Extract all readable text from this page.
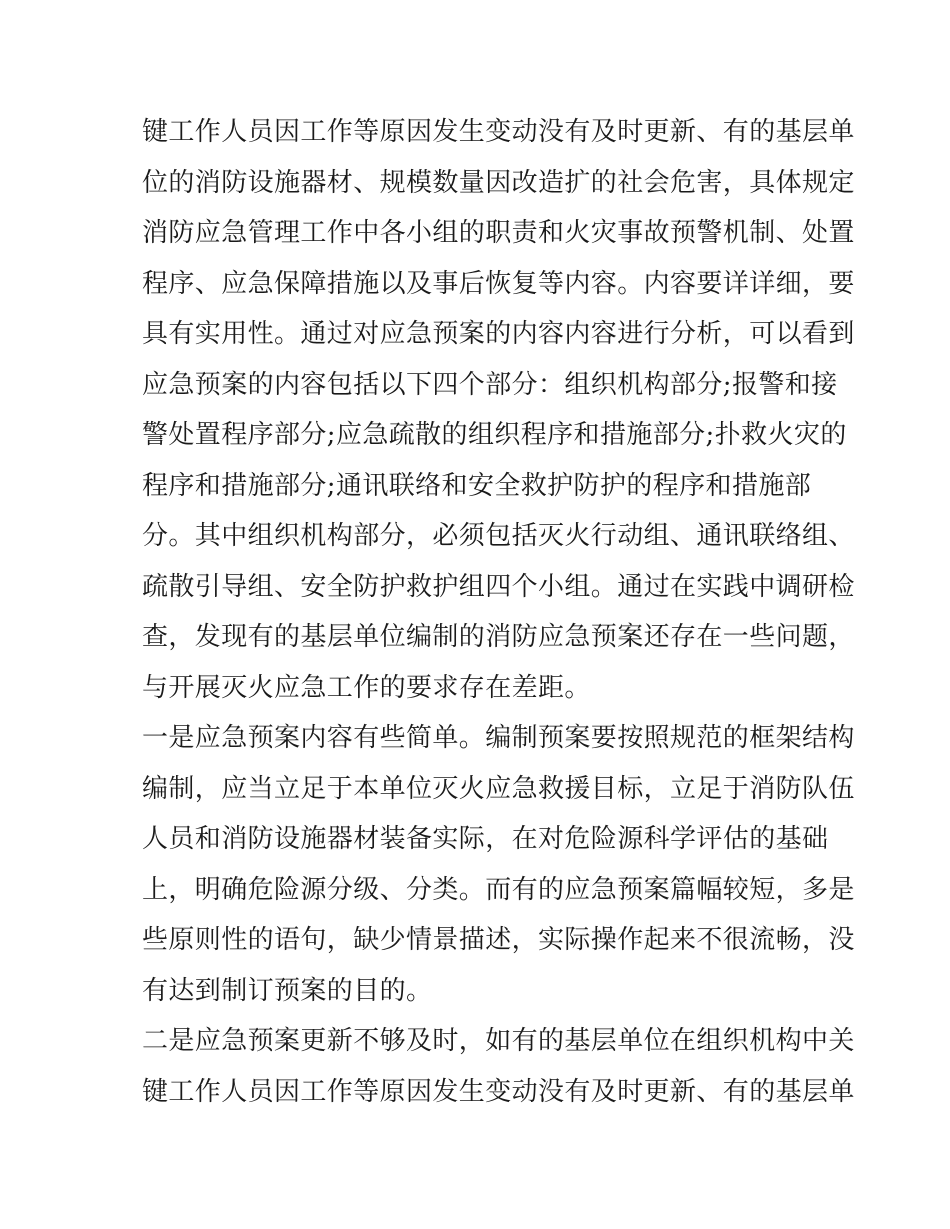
键工作人员因工作等原因发生变动没有及时更新、有的基层单
位的消防设施器材、规模数量因改造扩的社会危害，具体规定
消防应急管理工作中各小组的职责和火灾事故预警机制、处置
程序、应急保障措施以及事后恢复等内容。内容要详详细，要
具有实用性。通过对应急预案的内容内容进行分析，可以看到
应急预案的内容包括以下四个部分：组织机构部分;报警和接
警处置程序部分;应急疏散的组织程序和措施部分;扑救火灾的
程序和措施部分;通讯联络和安全救护防护的程序和措施部
分。其中组织机构部分，必须包括灭火行动组、通讯联络组、
疏散引导组、安全防护救护组四个小组。通过在实践中调研检
查，发现有的基层单位编制的消防应急预案还存在一些问题，
与开展灭火应急工作的要求存在差距。
一是应急预案内容有些简单。编制预案要按照规范的框架结构
编制，应当立足于本单位灭火应急救援目标，立足于消防队伍
人员和消防设施器材装备实际，在对危险源科学评估的基础
上，明确危险源分级、分类。而有的应急预案篇幅较短，多是
些原则性的语句，缺少情景描述，实际操作起来不很流畅，没
有达到制订预案的目的。
二是应急预案更新不够及时，如有的基层单位在组织机构中关
键工作人员因工作等原因发生变动没有及时更新、有的基层单
